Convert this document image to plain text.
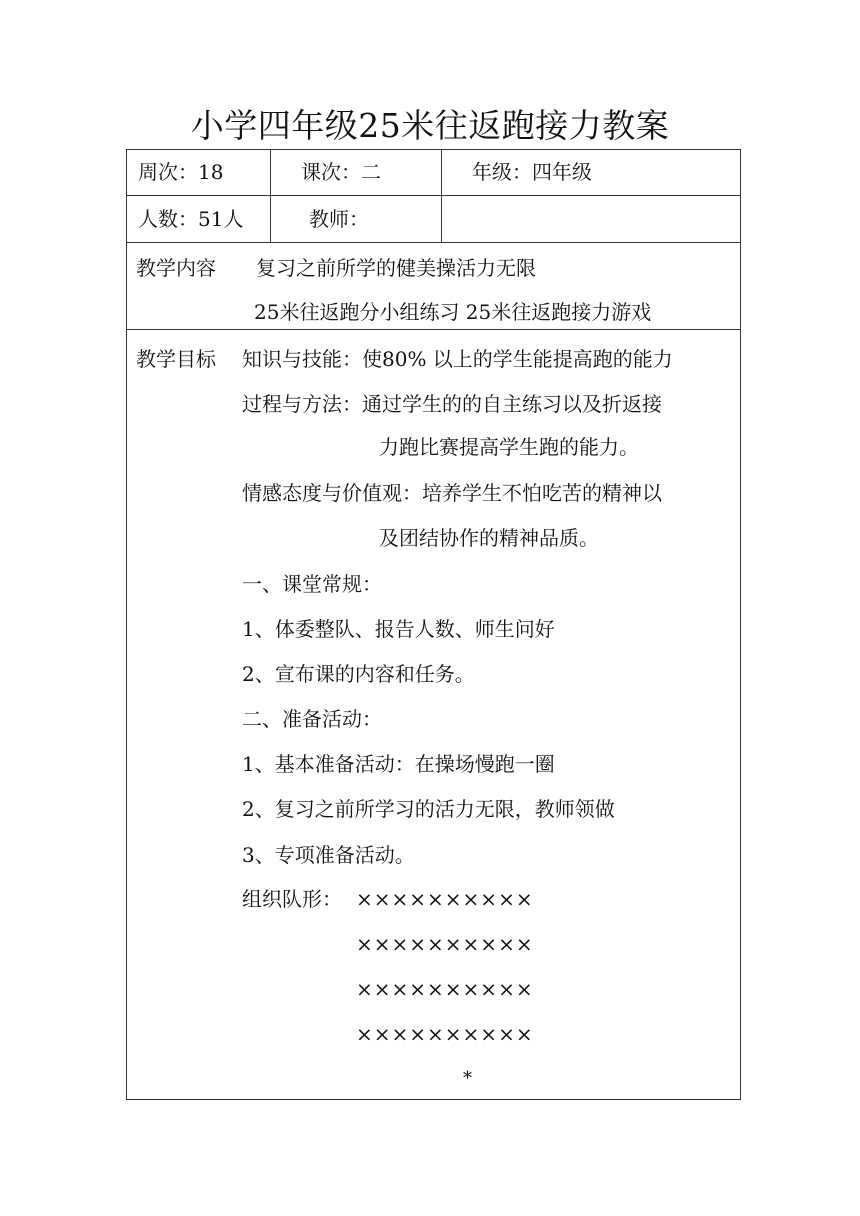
小学四年级25米往返跑接力教案
周次：18	课次：二	年级：四年级
人数：51人	教师：
教学内容 复习之前所学的健美操活力无限
25米往返跑分小组练习 25米往返跑接力游戏
教学目标 知识与技能：使80% 以上的学生能提高跑的能力
过程与方法：通过学生的的自主练习以及折返接
力跑比赛提高学生跑的能力。
情感态度与价值观：培养学生不怕吃苦的精神以
及团结协作的精神品质。
一、课堂常规：
1、体委整队、报告人数、师生问好
2、宣布课的内容和任务。
二、准备活动：
1、基本准备活动：在操场慢跑一圈
2、复习之前所学习的活力无限，教师领做
3、专项准备活动。
组织队形： ××××××××××
××××××××××
××××××××××
××××××××××
*
